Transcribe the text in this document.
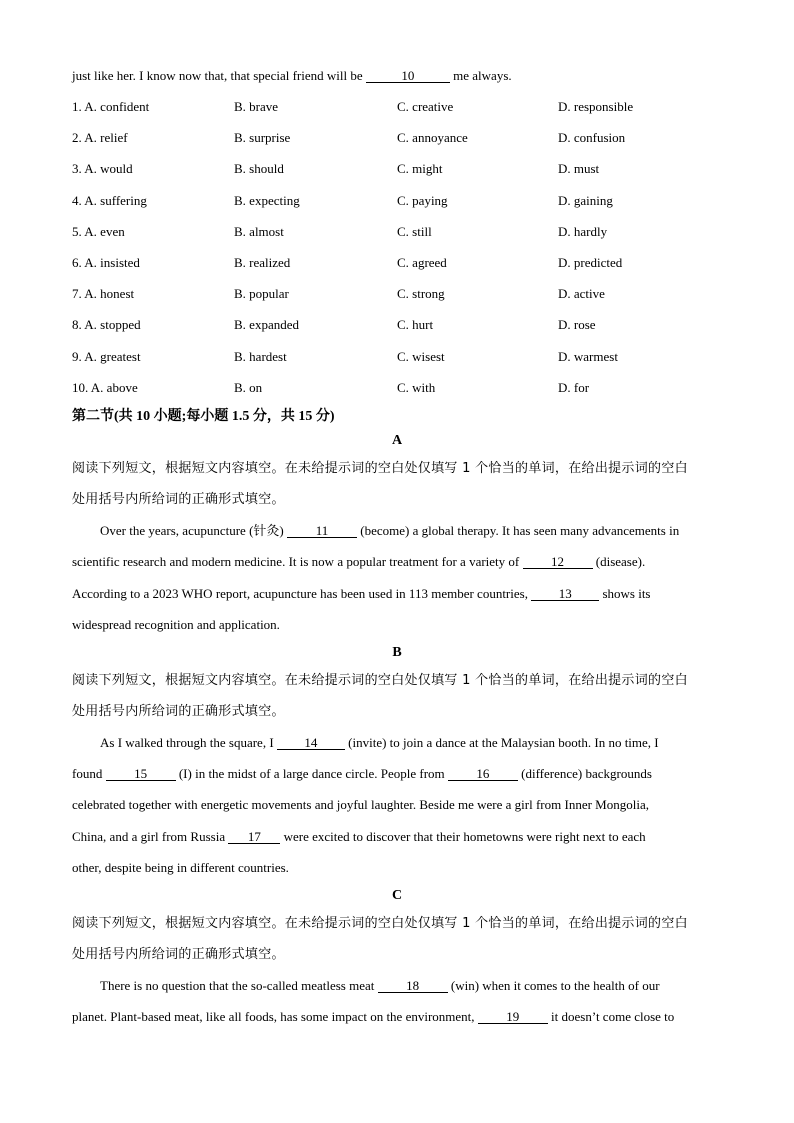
just like her. I know now that, that special friend will be	10	me always.
1. A. confident	B. brave	C. creative	D. responsible
2. A. relief	B. surprise	C. annoyance	D. confusion
3. A. would	B. should	C. might	D. must
4. A. suffering	B. expecting	C. paying	D. gaining
5. A. even	B. almost	C. still	D. hardly
6. A. insisted	B. realized	C. agreed	D. predicted
7. A. honest	B. popular	C. strong	D. active
8. A. stopped	B. expanded	C. hurt	D. rose
9. A. greatest	B. hardest	C. wisest	D. warmest
10. A. above	B. on	C. with	D. for
第二节(共 10 小题;每小题 1.5 分，共 15 分)
A
阅读下列短文，根据短文内容填空。在未给提示词的空白处仅填写 1 个恰当的单词，在给出提示词的空白
处用括号内所给词的正确形式填空。
Over the years, acupuncture (针灸) 11 (become) a global therapy. It has seen many advancements in
scientific research and modern medicine. It is now a popular treatment for a variety of 12 (disease).
According to a 2023 WHO report, acupuncture has been used in 113 member countries, 13 shows its
widespread recognition and application.
B
阅读下列短文，根据短文内容填空。在未给提示词的空白处仅填写 1 个恰当的单词，在给出提示词的空白
处用括号内所给词的正确形式填空。
As I walked through the square, I 14 (invite) to join a dance at the Malaysian booth. In no time, I
found 15 (I) in the midst of a large dance circle. People from 16 (difference) backgrounds
celebrated together with energetic movements and joyful laughter. Beside me were a girl from Inner Mongolia,
China, and a girl from Russia 17 were excited to discover that their hometowns were right next to each
other, despite being in different countries.
C
阅读下列短文，根据短文内容填空。在未给提示词的空白处仅填写 1 个恰当的单词，在给出提示词的空白
处用括号内所给词的正确形式填空。
There is no question that the so-called meatless meat 18 (win) when it comes to the health of our
planet. Plant-based meat, like all foods, has some impact on the environment, 19 it doesn’t come close to
